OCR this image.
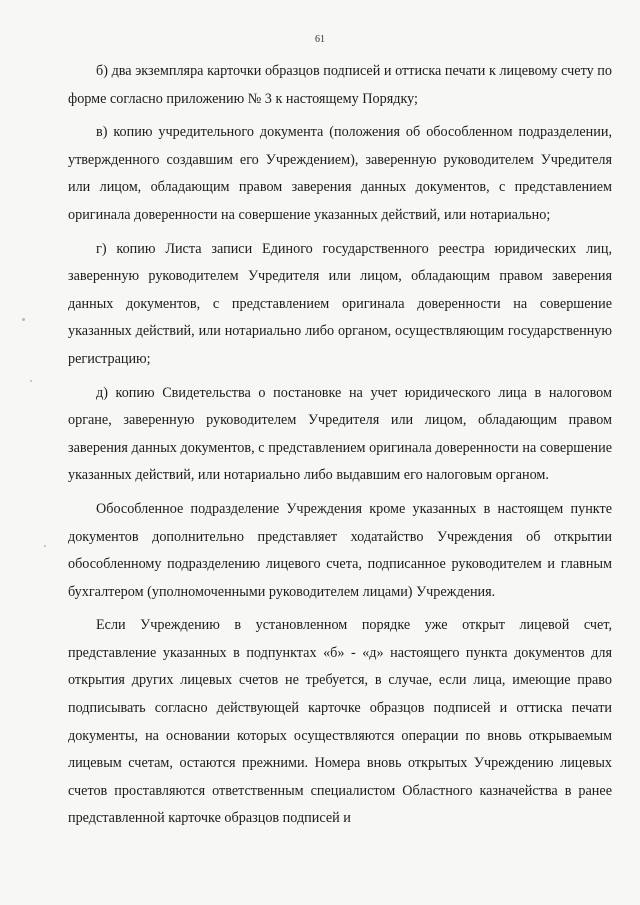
61

б) два экземпляра карточки образцов подписей и оттиска печати к лицевому счету по форме согласно приложению № 3 к настоящему Порядку;

в) копию учредительного документа (положения об обособленном подразделении, утвержденного создавшим его Учреждением), заверенную руководителем Учредителя или лицом, обладающим правом заверения данных документов, с представлением оригинала доверенности на совершение указанных действий, или нотариально;

г) копию Листа записи Единого государственного реестра юридических лиц, заверенную руководителем Учредителя или лицом, обладающим правом заверения данных документов, с представлением оригинала доверенности на совершение указанных действий, или нотариально либо органом, осуществляющим государственную регистрацию;

д) копию Свидетельства о постановке на учет юридического лица в налоговом органе, заверенную руководителем Учредителя или лицом, обладающим правом заверения данных документов, с представлением оригинала доверенности на совершение указанных действий, или нотариально либо выдавшим его налоговым органом.

Обособленное подразделение Учреждения кроме указанных в настоящем пункте документов дополнительно представляет ходатайство Учреждения об открытии обособленному подразделению лицевого счета, подписанное руководителем и главным бухгалтером (уполномоченными руководителем лицами) Учреждения.

Если Учреждению в установленном порядке уже открыт лицевой счет, представление указанных в подпунктах «б» - «д» настоящего пункта документов для открытия других лицевых счетов не требуется, в случае, если лица, имеющие право подписывать согласно действующей карточке образцов подписей и оттиска печати документы, на основании которых осуществляются операции по вновь открываемым лицевым счетам, остаются прежними. Номера вновь открытых Учреждению лицевых счетов проставляются ответственным специалистом Областного казначейства в ранее представленной карточке образцов подписей и
